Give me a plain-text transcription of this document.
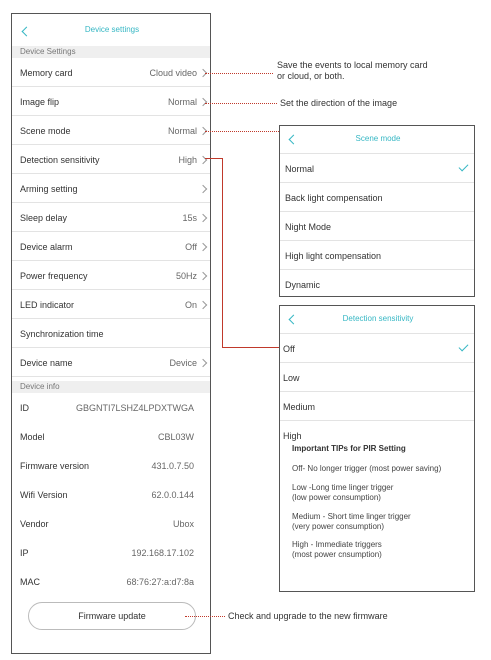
Device settings
Device Settings
Memory card	Cloud video
Image flip	Normal
Scene mode	Normal
Detection sensitivity	High
Arming setting
Sleep delay	15s
Device alarm	Off
Power frequency	50Hz
LED indicator	On
Synchronization time
Device name	Device
Device info
ID	GBGNTI7LSHZ4LPDXTWGA
Model	CBL03W
Firmware version	431.0.7.50
Wifi Version	62.0.0.144
Vendor	Ubox
IP	192.168.17.102
MAC	68:76:27:a:d7:8a
Firmware update
Scene mode
Normal
Back light compensation
Night Mode
High light compensation
Dynamic
Detection sensitivity
Off
Low
Medium
High
Important TIPs for PIR Setting
Off- No longer trigger (most power saving)
Low -Long time linger trigger
(low power consumption)
Medium - Short time linger trigger
(very power consumption)
High - Immediate triggers
(most power cnsumption)
Save the events to local memory card
or cloud, or both.
Set the direction of the image
Check and upgrade to the new firmware
